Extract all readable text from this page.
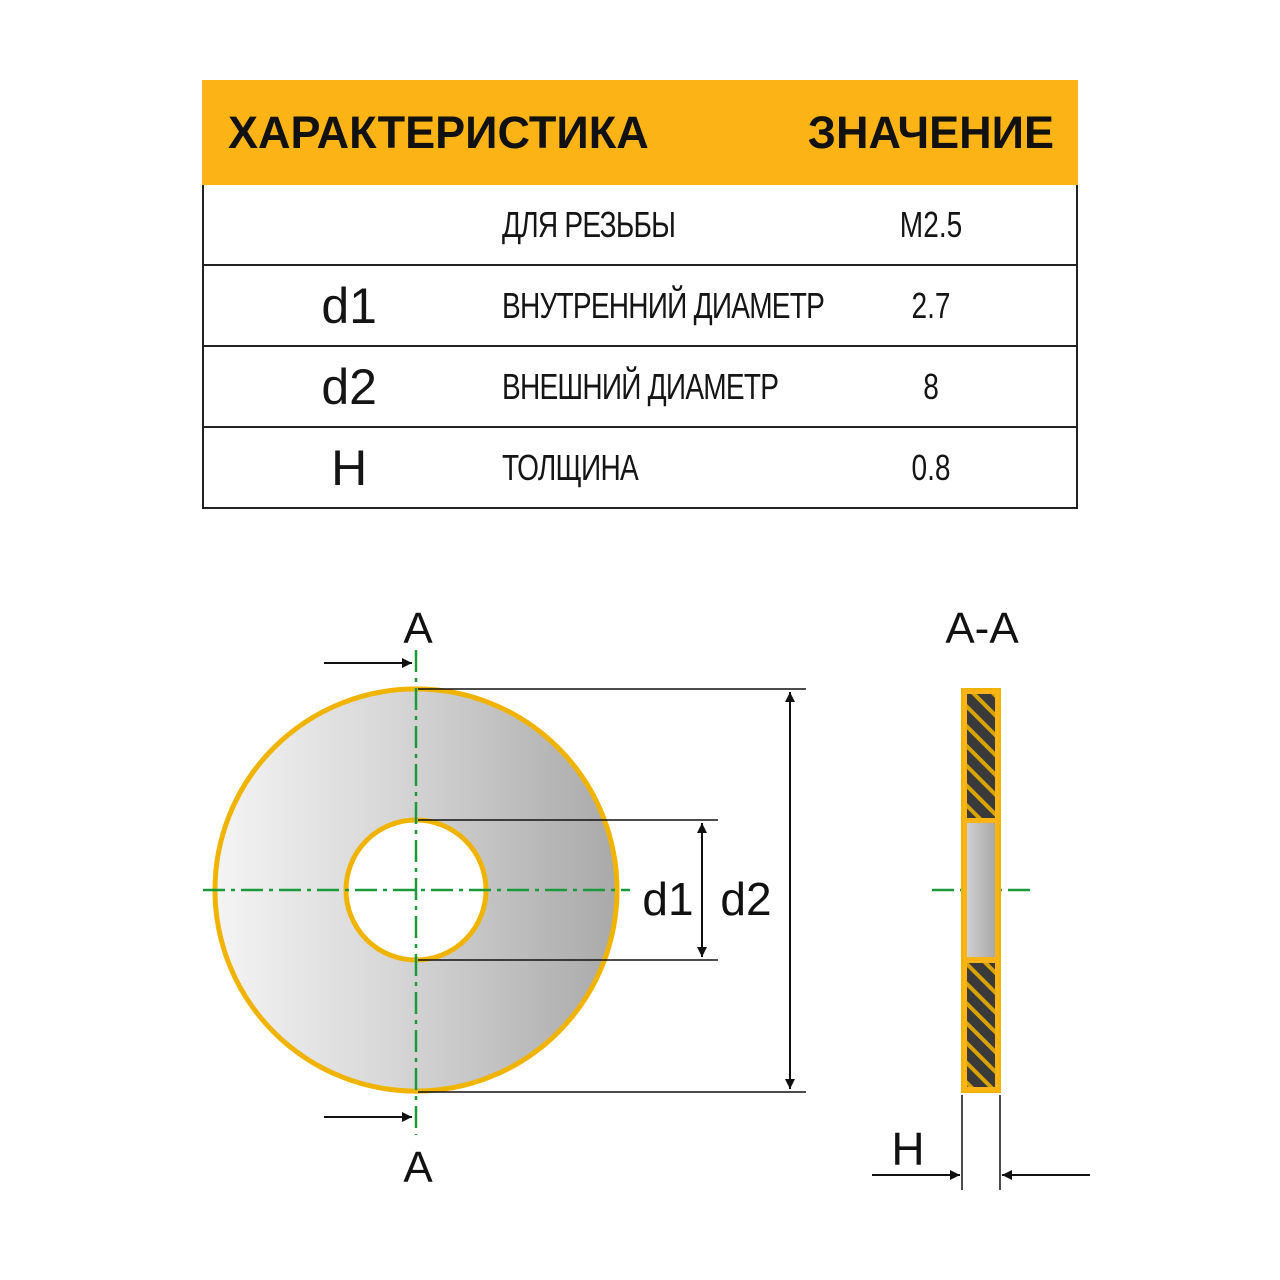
ХАРАКТЕРИСТИКА		ЗНАЧЕНИЕ
	ДЛЯ РЕЗЬБЫ	M2.5
d1	ВНУТРЕННИЙ ДИАМЕТР	2.7
d2	ВНЕШНИЙ ДИАМЕТР	8
H	ТОЛЩИНА	0.8
A
A
d1 d2
A-A
H
